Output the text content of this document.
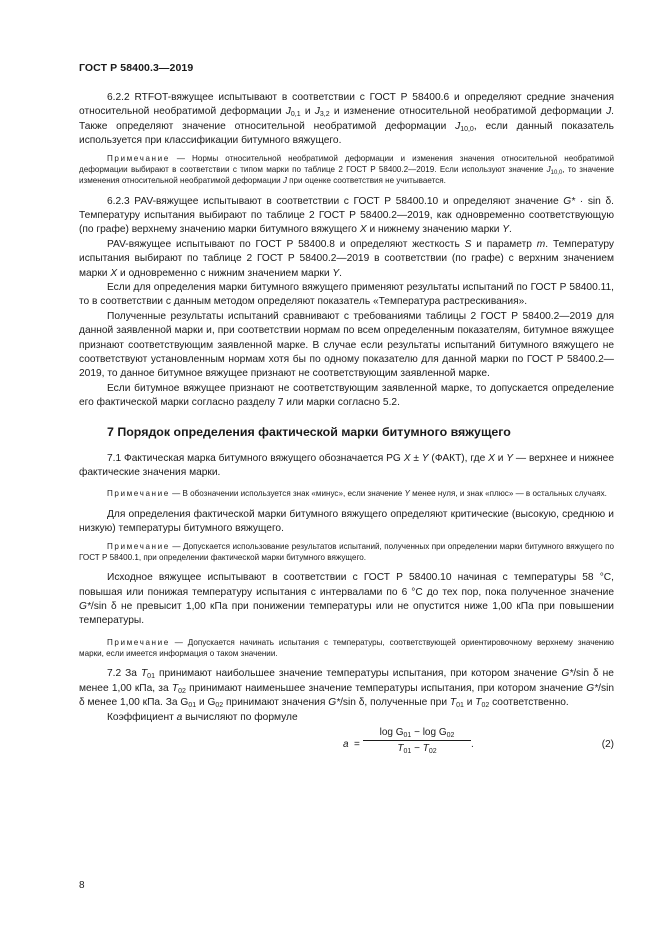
ГОСТ Р 58400.3—2019

6.2.2 RTFOT-вяжущее испытывают в соответствии с ГОСТ Р 58400.6 и определяют средние значения относительной необратимой деформации $J_{0,1}$ и $J_{3,2}$ и изменение относительной необратимой деформации J. Также определяют значение относительной необратимой деформации $J_{10,0}$, если данный показатель используется при классификации битумного вяжущего.

Примечание — Нормы относительной необратимой деформации и изменения значения относительной необратимой деформации выбирают в соответствии с типом марки по таблице 2 ГОСТ Р 58400.2—2019. Если используют значение $J_{10,0}$, то значение изменения относительной необратимой деформации J при оценке соответствия не учитывается.

6.2.3 PAV-вяжущее испытывают в соответствии с ГОСТ Р 58400.10 и определяют значение G* · sin δ. Температуру испытания выбирают по таблице 2 ГОСТ Р 58400.2—2019, как одновременно соответствующую (по графе) верхнему значению марки битумного вяжущего X и нижнему значению марки Y.

PAV-вяжущее испытывают по ГОСТ Р 58400.8 и определяют жесткость S и параметр m. Температуру испытания выбирают по таблице 2 ГОСТ Р 58400.2—2019 в соответствии (по графе) с верхним значением марки X и одновременно с нижним значением марки Y.

Если для определения марки битумного вяжущего применяют результаты испытаний по ГОСТ Р 58400.11, то в соответствии с данным методом определяют показатель «Температура растрескивания».

Полученные результаты испытаний сравнивают с требованиями таблицы 2 ГОСТ Р 58400.2—2019 для данной заявленной марки и, при соответствии нормам по всем определенным показателям, битумное вяжущее признают соответствующим заявленной марке. В случае если результаты испытаний битумного вяжущего не соответствуют установленным нормам хотя бы по одному показателю для данной марки по ГОСТ Р 58400.2—2019, то данное битумное вяжущее признают не соответствующим заявленной марке.

Если битумное вяжущее признают не соответствующим заявленной марке, то допускается определение его фактической марки согласно разделу 7 или марки согласно 5.2.

7 Порядок определения фактической марки битумного вяжущего

7.1 Фактическая марка битумного вяжущего обозначается PG X ± Y (ФАКТ), где X и Y — верхнее и нижнее фактические значения марки.

Примечание — В обозначении используется знак «минус», если значение Y менее нуля, и знак «плюс» — в остальных случаях.

Для определения фактической марки битумного вяжущего определяют критические (высокую, среднюю и низкую) температуры битумного вяжущего.

Примечание — Допускается использование результатов испытаний, полученных при определении марки битумного вяжущего по ГОСТ Р 58400.1, при определении фактической марки битумного вяжущего.

Исходное вяжущее испытывают в соответствии с ГОСТ Р 58400.10 начиная с температуры 58 °C, повышая или понижая температуру испытания с интервалами по 6 °C до тех пор, пока полученное значение G*/sin δ не превысит 1,00 кПа при понижении температуры или не опустится ниже 1,00 кПа при повышении температуры.

Примечание — Допускается начинать испытания с температуры, соответствующей ориентировочному верхнему значению марки, если имеется информация о таком значении.

7.2 За $T_{01}$ принимают наибольшее значение температуры испытания, при котором значение G*/sin δ не менее 1,00 кПа, за $T_{02}$ принимают наименьшее значение температуры испытания, при котором значение G*/sin δ менее 1,00 кПа. За $G_{01}$ и $G_{02}$ принимают значения G*/sin δ, полученные при $T_{01}$ и $T_{02}$ соответственно.

Коэффициент a вычисляют по формуле

$a = \frac{\log G_{01} - \log G_{02}}{T_{01} - T_{02}}$ .	(2)
8
